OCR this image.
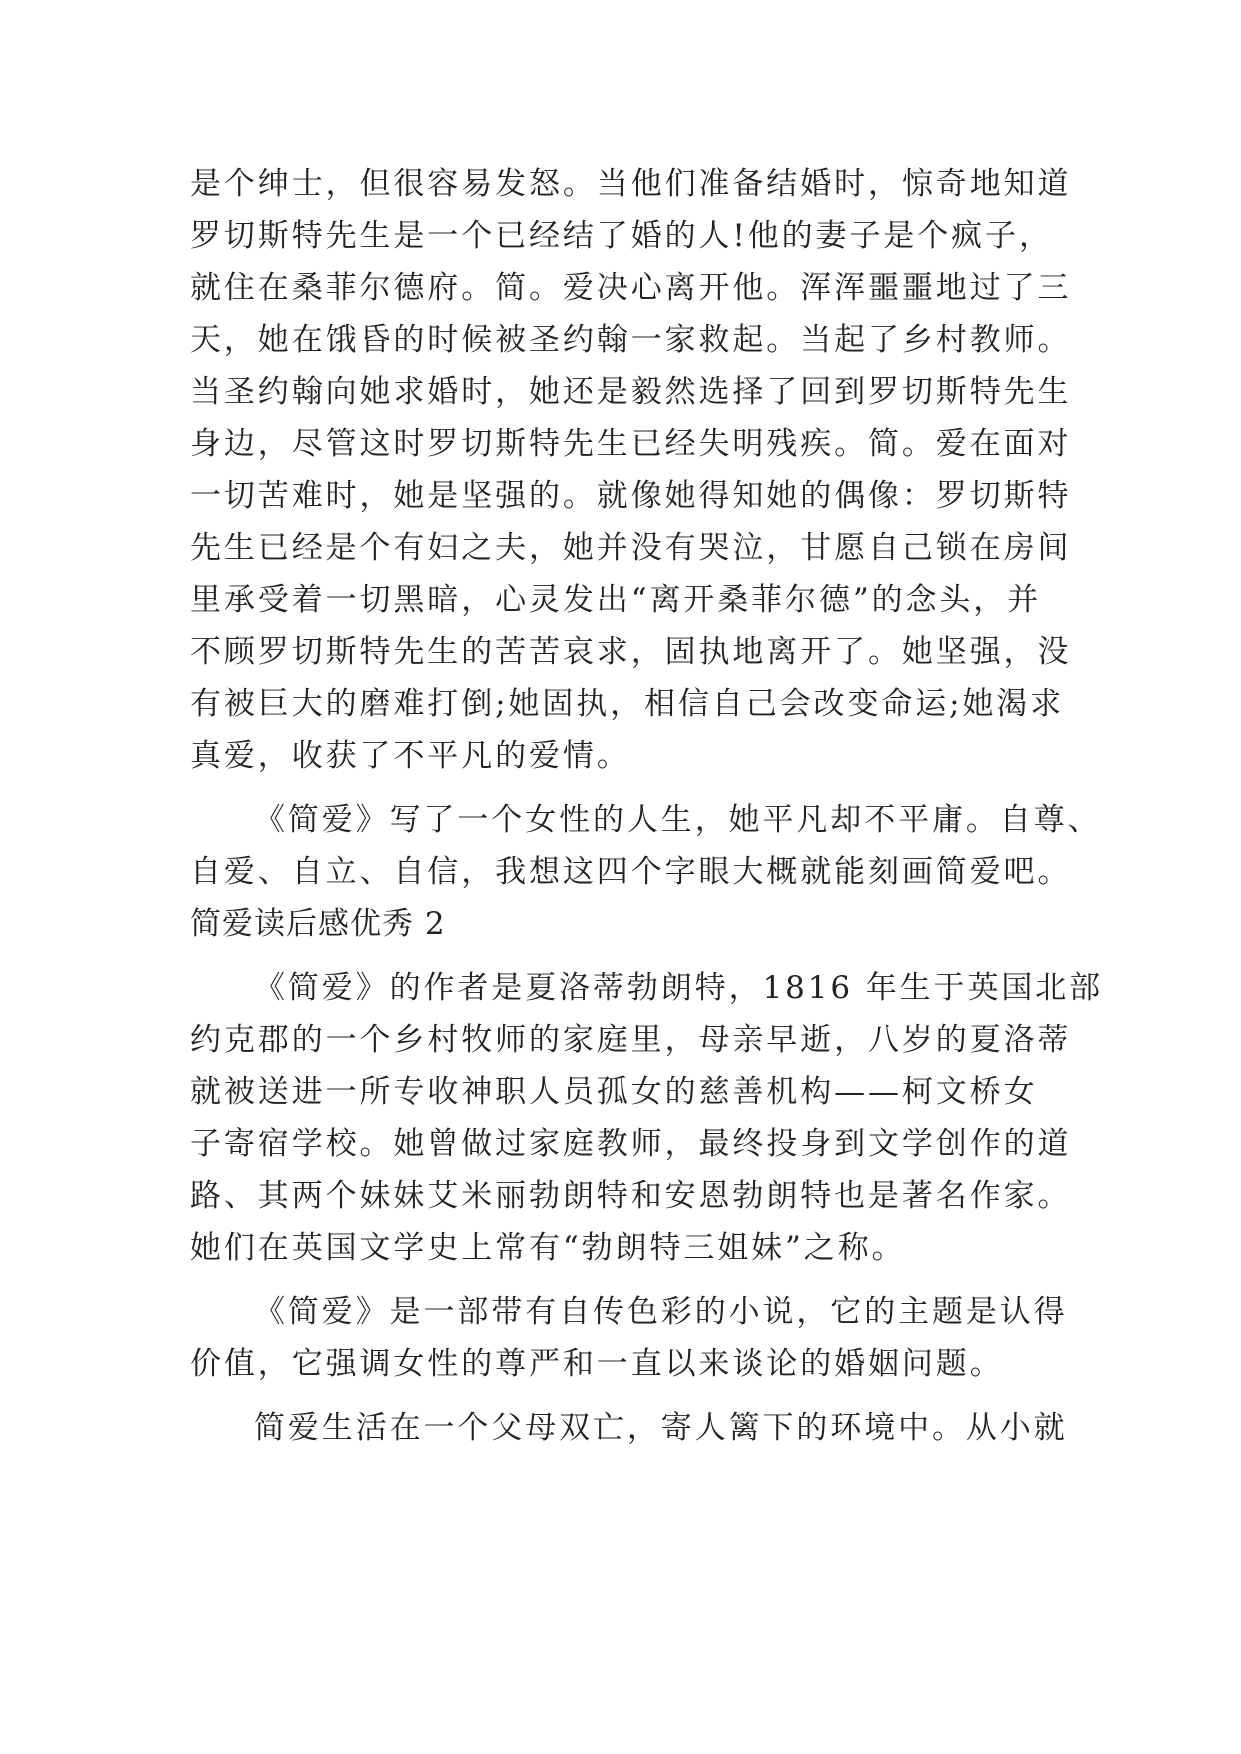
是个绅士，但很容易发怒。当他们准备结婚时，惊奇地知道
罗切斯特先生是一个已经结了婚的人!他的妻子是个疯子，
就住在桑菲尔德府。简。爱决心离开他。浑浑噩噩地过了三
天，她在饿昏的时候被圣约翰一家救起。当起了乡村教师。
当圣约翰向她求婚时，她还是毅然选择了回到罗切斯特先生
身边，尽管这时罗切斯特先生已经失明残疾。简。爱在面对
一切苦难时，她是坚强的。就像她得知她的偶像：罗切斯特
先生已经是个有妇之夫，她并没有哭泣，甘愿自己锁在房间
里承受着一切黑暗，心灵发出“离开桑菲尔德”的念头，并
不顾罗切斯特先生的苦苦哀求，固执地离开了。她坚强，没
有被巨大的磨难打倒;她固执，相信自己会改变命运;她渴求
真爱，收获了不平凡的爱情。
《简爱》写了一个女性的人生，她平凡却不平庸。自尊、
自爱、自立、自信，我想这四个字眼大概就能刻画简爱吧。
简爱读后感优秀 2
《简爱》的作者是夏洛蒂勃朗特，1816 年生于英国北部
约克郡的一个乡村牧师的家庭里，母亲早逝，八岁的夏洛蒂
就被送进一所专收神职人员孤女的慈善机构——柯文桥女
子寄宿学校。她曾做过家庭教师，最终投身到文学创作的道
路、其两个妹妹艾米丽勃朗特和安恩勃朗特也是著名作家。
她们在英国文学史上常有“勃朗特三姐妹”之称。
《简爱》是一部带有自传色彩的小说，它的主题是认得
价值，它强调女性的尊严和一直以来谈论的婚姻问题。
简爱生活在一个父母双亡，寄人篱下的环境中。从小就
